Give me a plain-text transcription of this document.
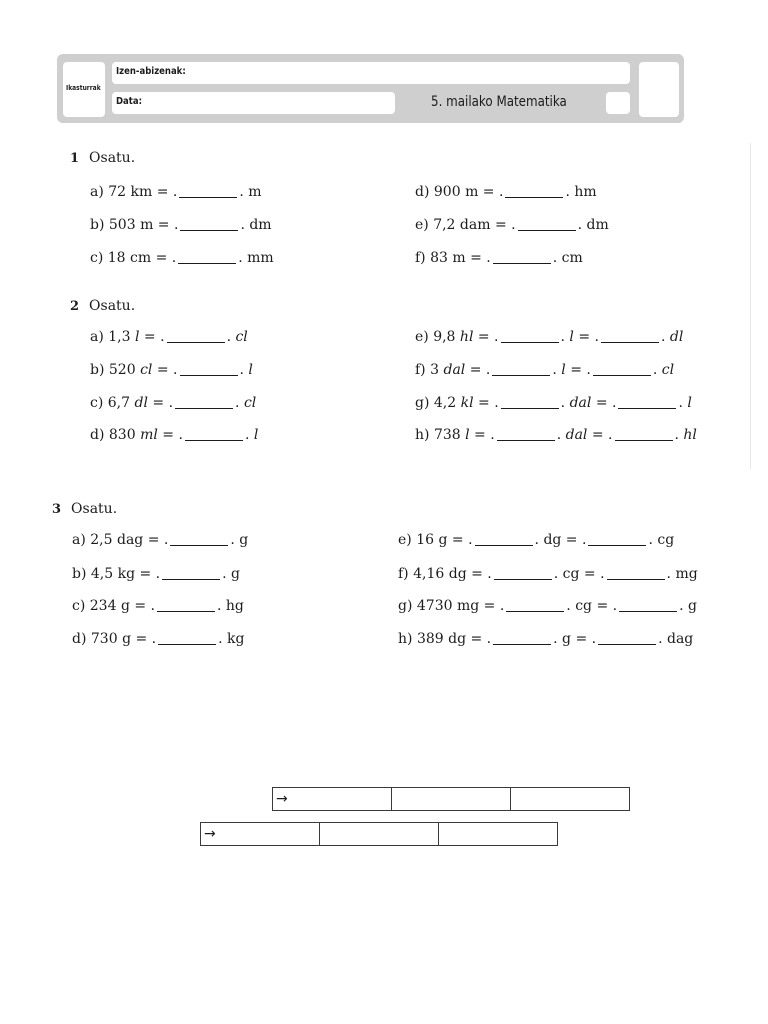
Ikasturrak
Izen-abizenak:
Data:	5. mailako Matematika
1 Osatu.
2 Osatu.
3 Osatu.
a) 72 km = .	. m
b) 503 m = .	. dm
c) 18 cm = .	. mm
d) 900 m = .	. hm
e) 7,2 dam = .	. dm
f) 83 m = .	. cm
a) 1,3 l = .	. cl
b) 520 cl = .	. l
c) 6,7 dl = .	. cl
d) 830 ml = .	. l
e) 9,8 hl = .	. l = .	. dl
f) 3 dal = .	. l = .	. cl
g) 4,2 kl = .	. dal = .	. l
h) 738 l = .	. dal = .	. hl
a) 2,5 dag = .	. g
b) 4,5 kg = .	. g
c) 234 g = .	. hg
d) 730 g = .	. kg
e) 16 g = .	. dg = .	. cg
f) 4,16 dg = .	. cg = .	. mg
g) 4730 mg = .	. cg = .	. g
h) 389 dg = .	. g = .	. dag
→
→
